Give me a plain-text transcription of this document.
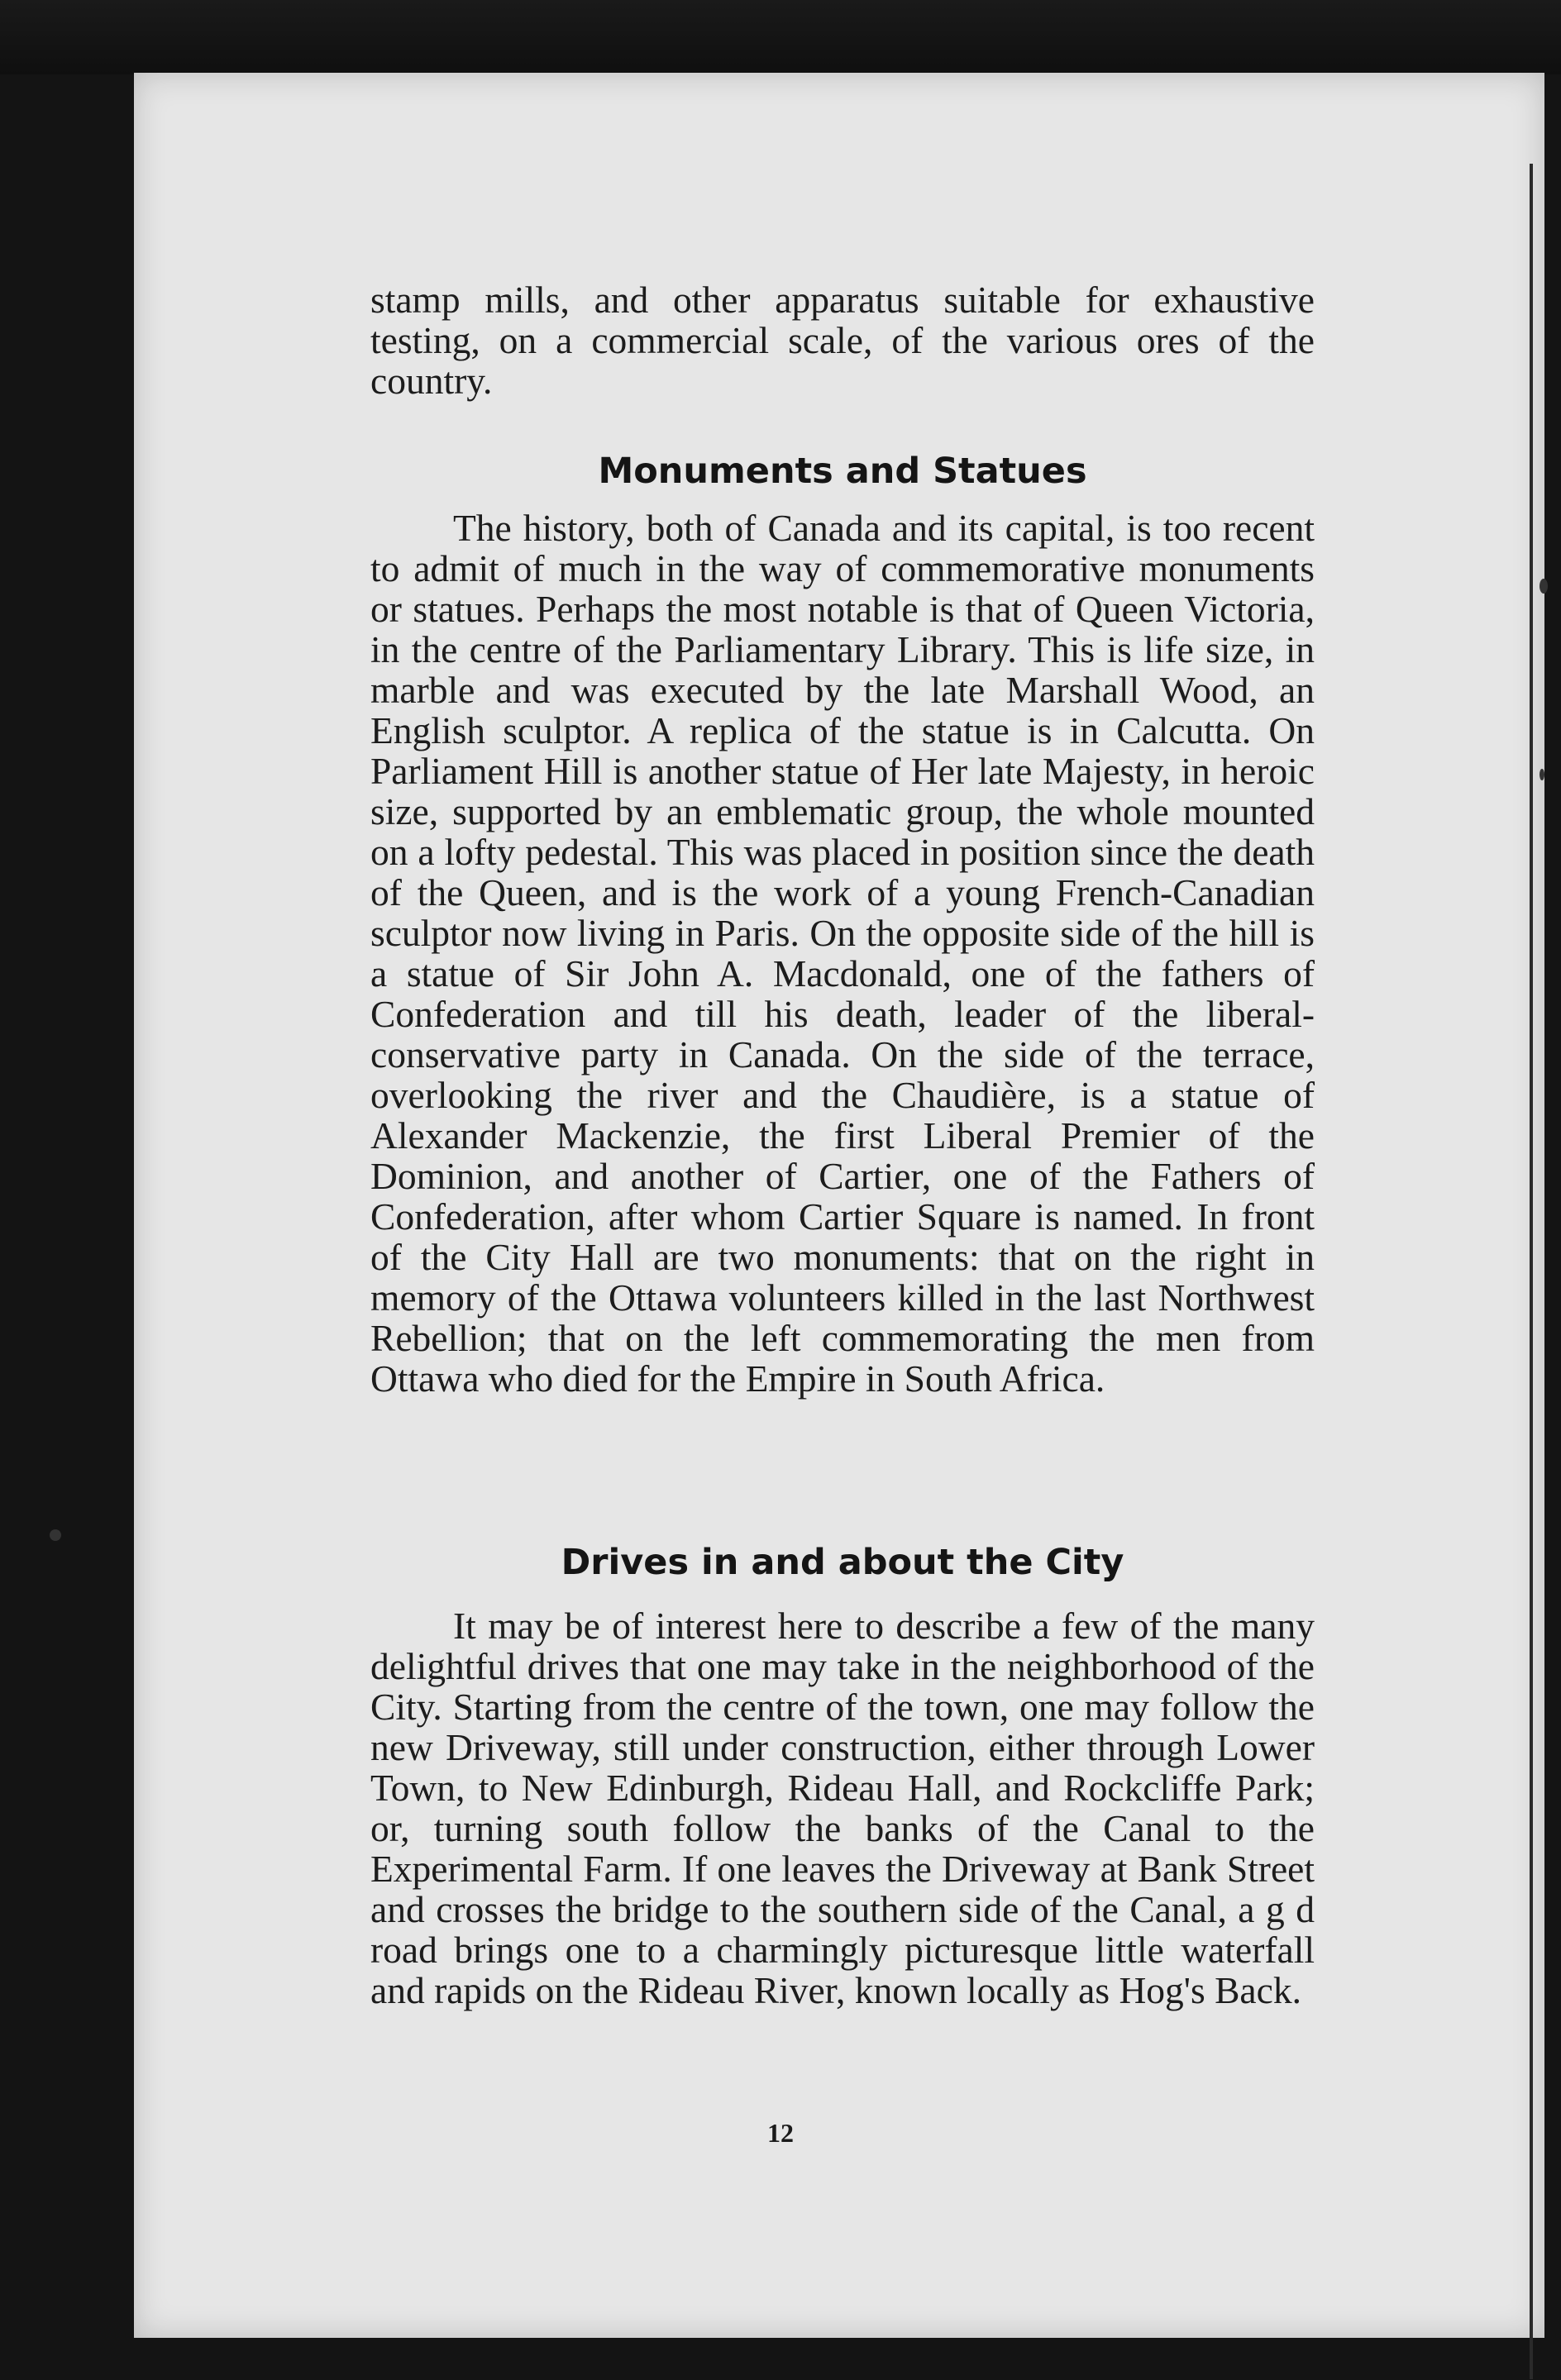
stamp mills, and other apparatus suitable for exhaustive testing, on a commercial scale, of the various ores of the country.

Monuments and Statues

The history, both of Canada and its capital, is too recent to admit of much in the way of commemorative monuments or statues. Perhaps the most notable is that of Queen Victoria, in the centre of the Parliamentary Library. This is life size, in marble and was executed by the late Marshall Wood, an English sculptor. A replica of the statue is in Calcutta. On Parliament Hill is another statue of Her late Majesty, in heroic size, supported by an emblematic group, the whole mounted on a lofty pedestal. This was placed in position since the death of the Queen, and is the work of a young French-Canadian sculptor now living in Paris. On the opposite side of the hill is a statue of Sir John A. Macdonald, one of the fathers of Confederation and till his death, leader of the liberal-conservative party in Canada. On the side of the terrace, overlooking the river and the Chaudière, is a statue of Alexander Mackenzie, the first Liberal Premier of the Dominion, and another of Cartier, one of the Fathers of Confederation, after whom Cartier Square is named. In front of the City Hall are two monuments: that on the right in memory of the Ottawa volunteers killed in the last Northwest Rebellion; that on the left commemorating the men from Ottawa who died for the Empire in South Africa.

Drives in and about the City

It may be of interest here to describe a few of the many delightful drives that one may take in the neighborhood of the City. Starting from the centre of the town, one may follow the new Driveway, still under construction, either through Lower Town, to New Edinburgh, Rideau Hall, and Rockcliffe Park; or, turning south follow the banks of the Canal to the Experimental Farm. If one leaves the Driveway at Bank Street and crosses the bridge to the southern side of the Canal, a g d road brings one to a charmingly picturesque little waterfall and rapids on the Rideau River, known locally as Hog's Back.

12
